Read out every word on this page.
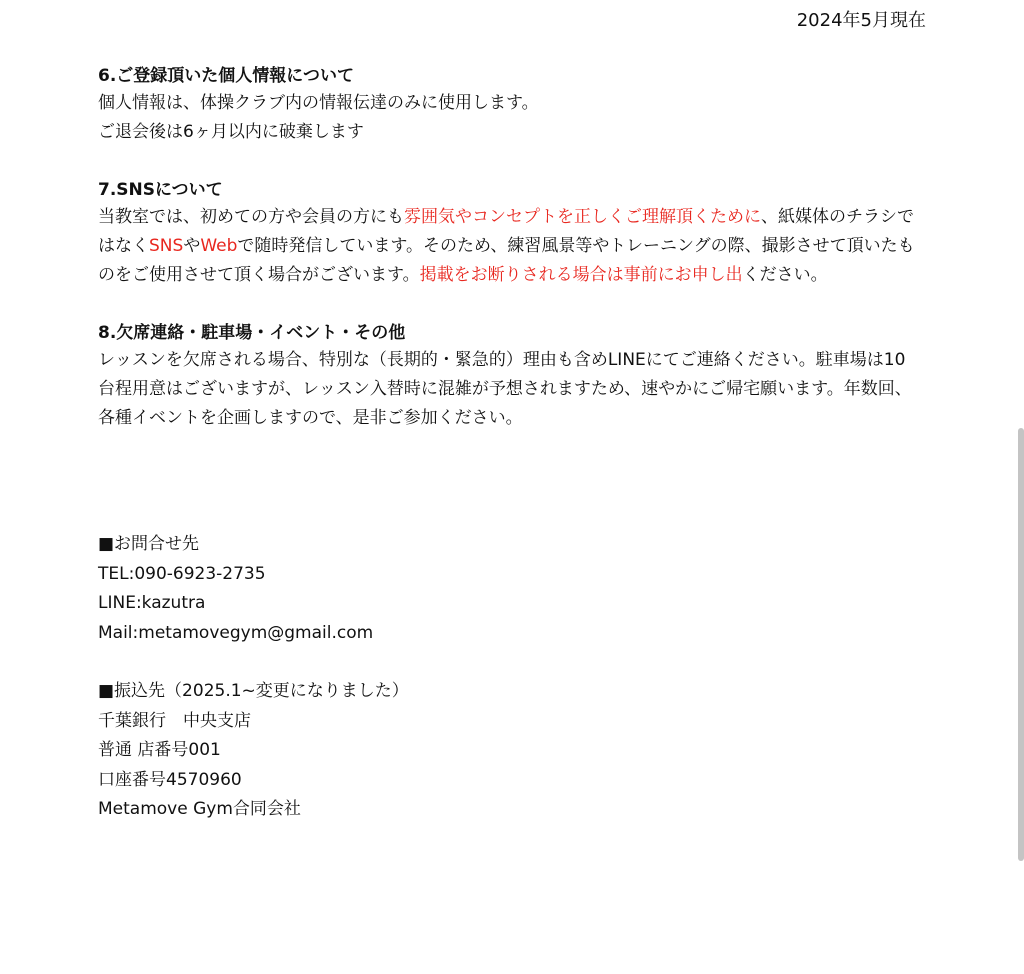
2024年5月現在

6.ご登録頂いた個人情報について

個人情報は、体操クラブ内の情報伝達のみに使用します。

ご退会後は6ヶ月以内に破棄します

7.SNSについて

当教室では、初めての方や会員の方にも雰囲気やコンセプトを正しくご理解頂くために、紙媒体のチラシではなくSNSやWebで随時発信しています。そのため、練習風景等やトレーニングの際、撮影させて頂いたものをご使用させて頂く場合がございます。掲載をお断りされる場合は事前にお申し出ください。

8.欠席連絡・駐車場・イベント・その他

レッスンを欠席される場合、特別な（長期的・緊急的）理由も含めLINEにてご連絡ください。駐車場は10台程用意はございますが、レッスン入替時に混雑が予想されますため、速やかにご帰宅願います。年数回、各種イベントを企画しますので、是非ご参加ください。

■お問合せ先

TEL:090-6923-2735

LINE:kazutra

Mail:metamovegym@gmail.com

■振込先（2025.1~変更になりました）

千葉銀行　中央支店

普通 店番号001

口座番号4570960

Metamove Gym合同会社
